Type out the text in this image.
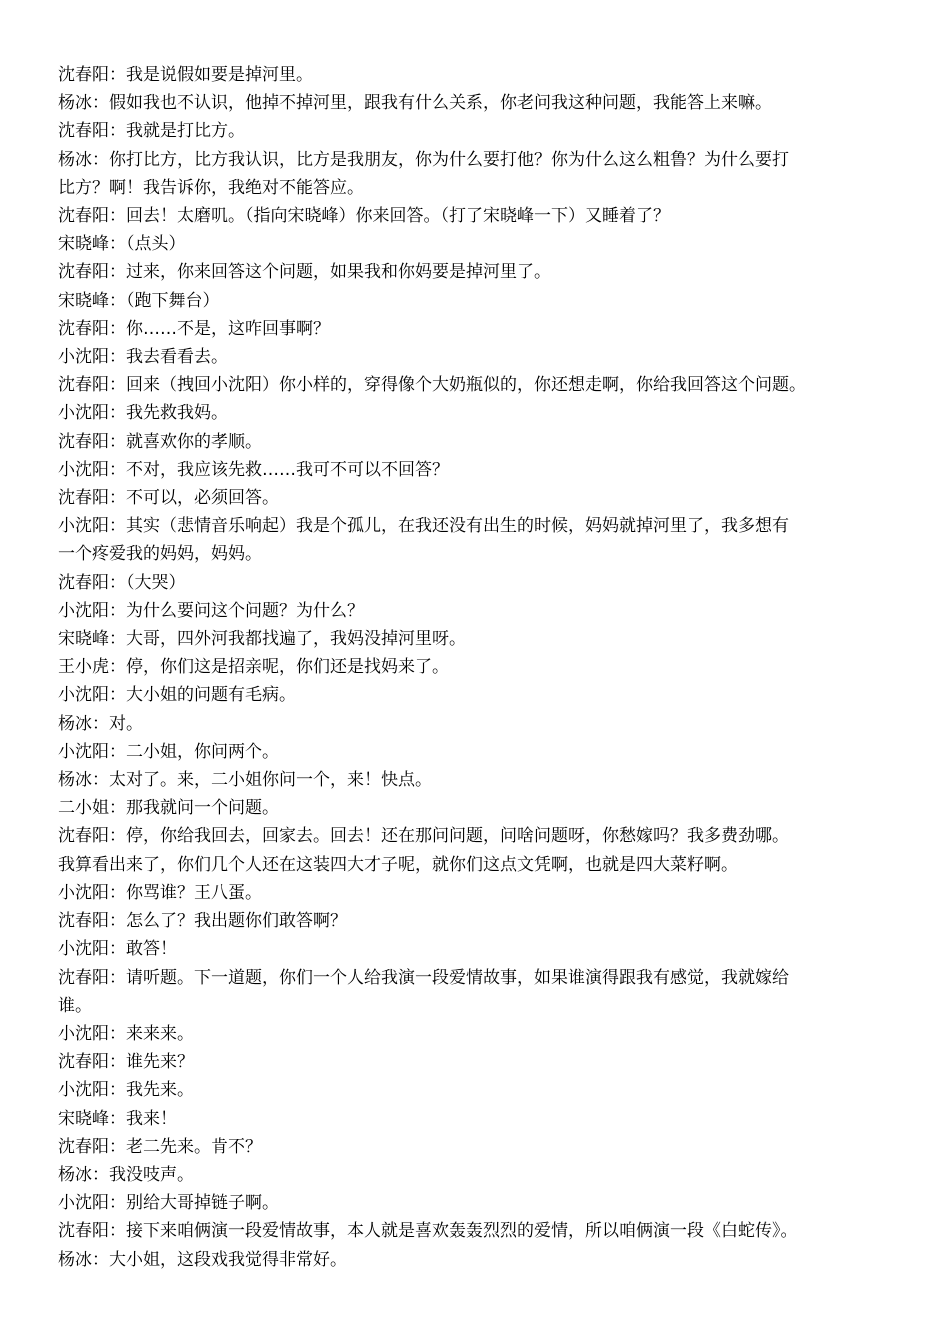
沈春阳：我是说假如要是掉河里。
杨冰：假如我也不认识，他掉不掉河里，跟我有什么关系，你老问我这种问题，我能答上来嘛。
沈春阳：我就是打比方。
杨冰：你打比方，比方我认识，比方是我朋友，你为什么要打他？你为什么这么粗鲁？为什么要打
比方？啊！我告诉你，我绝对不能答应。
沈春阳：回去！太磨叽。（指向宋晓峰）你来回答。（打了宋晓峰一下）又睡着了？
宋晓峰：（点头）
沈春阳：过来，你来回答这个问题，如果我和你妈要是掉河里了。
宋晓峰：（跑下舞台）
沈春阳：你……不是，这咋回事啊？
小沈阳：我去看看去。
沈春阳：回来（拽回小沈阳）你小样的，穿得像个大奶瓶似的，你还想走啊，你给我回答这个问题。
小沈阳：我先救我妈。
沈春阳：就喜欢你的孝顺。
小沈阳：不对，我应该先救……我可不可以不回答？
沈春阳：不可以，必须回答。
小沈阳：其实（悲情音乐响起）我是个孤儿，在我还没有出生的时候，妈妈就掉河里了，我多想有
一个疼爱我的妈妈，妈妈。
沈春阳：（大哭）
小沈阳：为什么要问这个问题？为什么？
宋晓峰：大哥，四外河我都找遍了，我妈没掉河里呀。
王小虎：停，你们这是招亲呢，你们还是找妈来了。
小沈阳：大小姐的问题有毛病。
杨冰：对。
小沈阳：二小姐，你问两个。
杨冰：太对了。来，二小姐你问一个，来！快点。
二小姐：那我就问一个问题。
沈春阳：停，你给我回去，回家去。回去！还在那问问题，问啥问题呀，你愁嫁吗？我多费劲哪。
我算看出来了，你们几个人还在这装四大才子呢，就你们这点文凭啊，也就是四大菜籽啊。
小沈阳：你骂谁？王八蛋。
沈春阳：怎么了？我出题你们敢答啊？
小沈阳：敢答！
沈春阳：请听题。下一道题，你们一个人给我演一段爱情故事，如果谁演得跟我有感觉，我就嫁给
谁。
小沈阳：来来来。
沈春阳：谁先来？
小沈阳：我先来。
宋晓峰：我来！
沈春阳：老二先来。肯不？
杨冰：我没吱声。
小沈阳：别给大哥掉链子啊。
沈春阳：接下来咱俩演一段爱情故事，本人就是喜欢轰轰烈烈的爱情，所以咱俩演一段《白蛇传》。
杨冰：大小姐，这段戏我觉得非常好。
